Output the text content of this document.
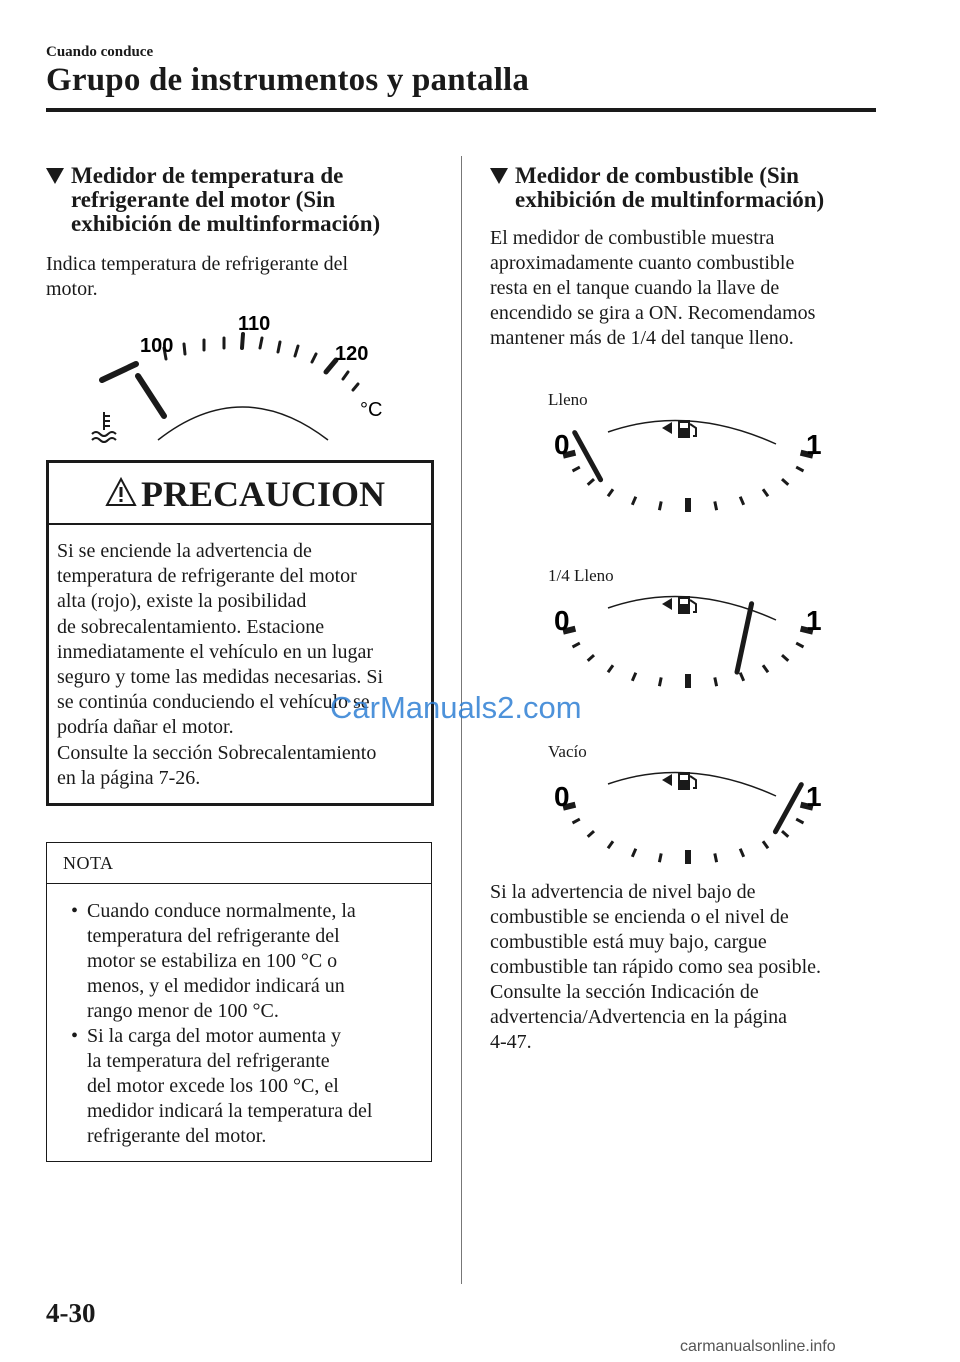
Cuando conduce
Grupo de instrumentos y pantalla
Medidor de temperatura de
refrigerante del motor (Sin
exhibición de multinformación)
Indica temperatura de refrigerante del
motor.
100
110
120
°C
PRECAUCION
Si se enciende la advertencia de
temperatura de refrigerante del motor
alta (rojo), existe la posibilidad
de sobrecalentamiento. Estacione
inmediatamente el vehículo en un lugar
seguro y tome las medidas necesarias. Si
se continúa conduciendo el vehículo se
podría dañar el motor.
Consulte la sección Sobrecalentamiento
en la página 7-26.
NOTA
• Cuando conduce normalmente, la
temperatura del refrigerante del
motor se estabiliza en 100 °C o
menos, y el medidor indicará un
rango menor de 100 °C.
• Si la carga del motor aumenta y
la temperatura del refrigerante
del motor excede los 100 °C, el
medidor indicará la temperatura del
refrigerante del motor.
Medidor de combustible (Sin
exhibición de multinformación)
El medidor de combustible muestra
aproximadamente cuanto combustible
resta en el tanque cuando la llave de
encendido se gira a ON. Recomendamos
mantener más de 1/4 del tanque lleno.
Lleno
0	1
1/4 Lleno
0	1
Vacío
0	1
Si la advertencia de nivel bajo de
combustible se encienda o el nivel de
combustible está muy bajo, cargue
combustible tan rápido como sea posible.
Consulte la sección Indicación de
advertencia/Advertencia en la página
4-47.
4-30
CarManuals2.com
carmanualsonline.info
